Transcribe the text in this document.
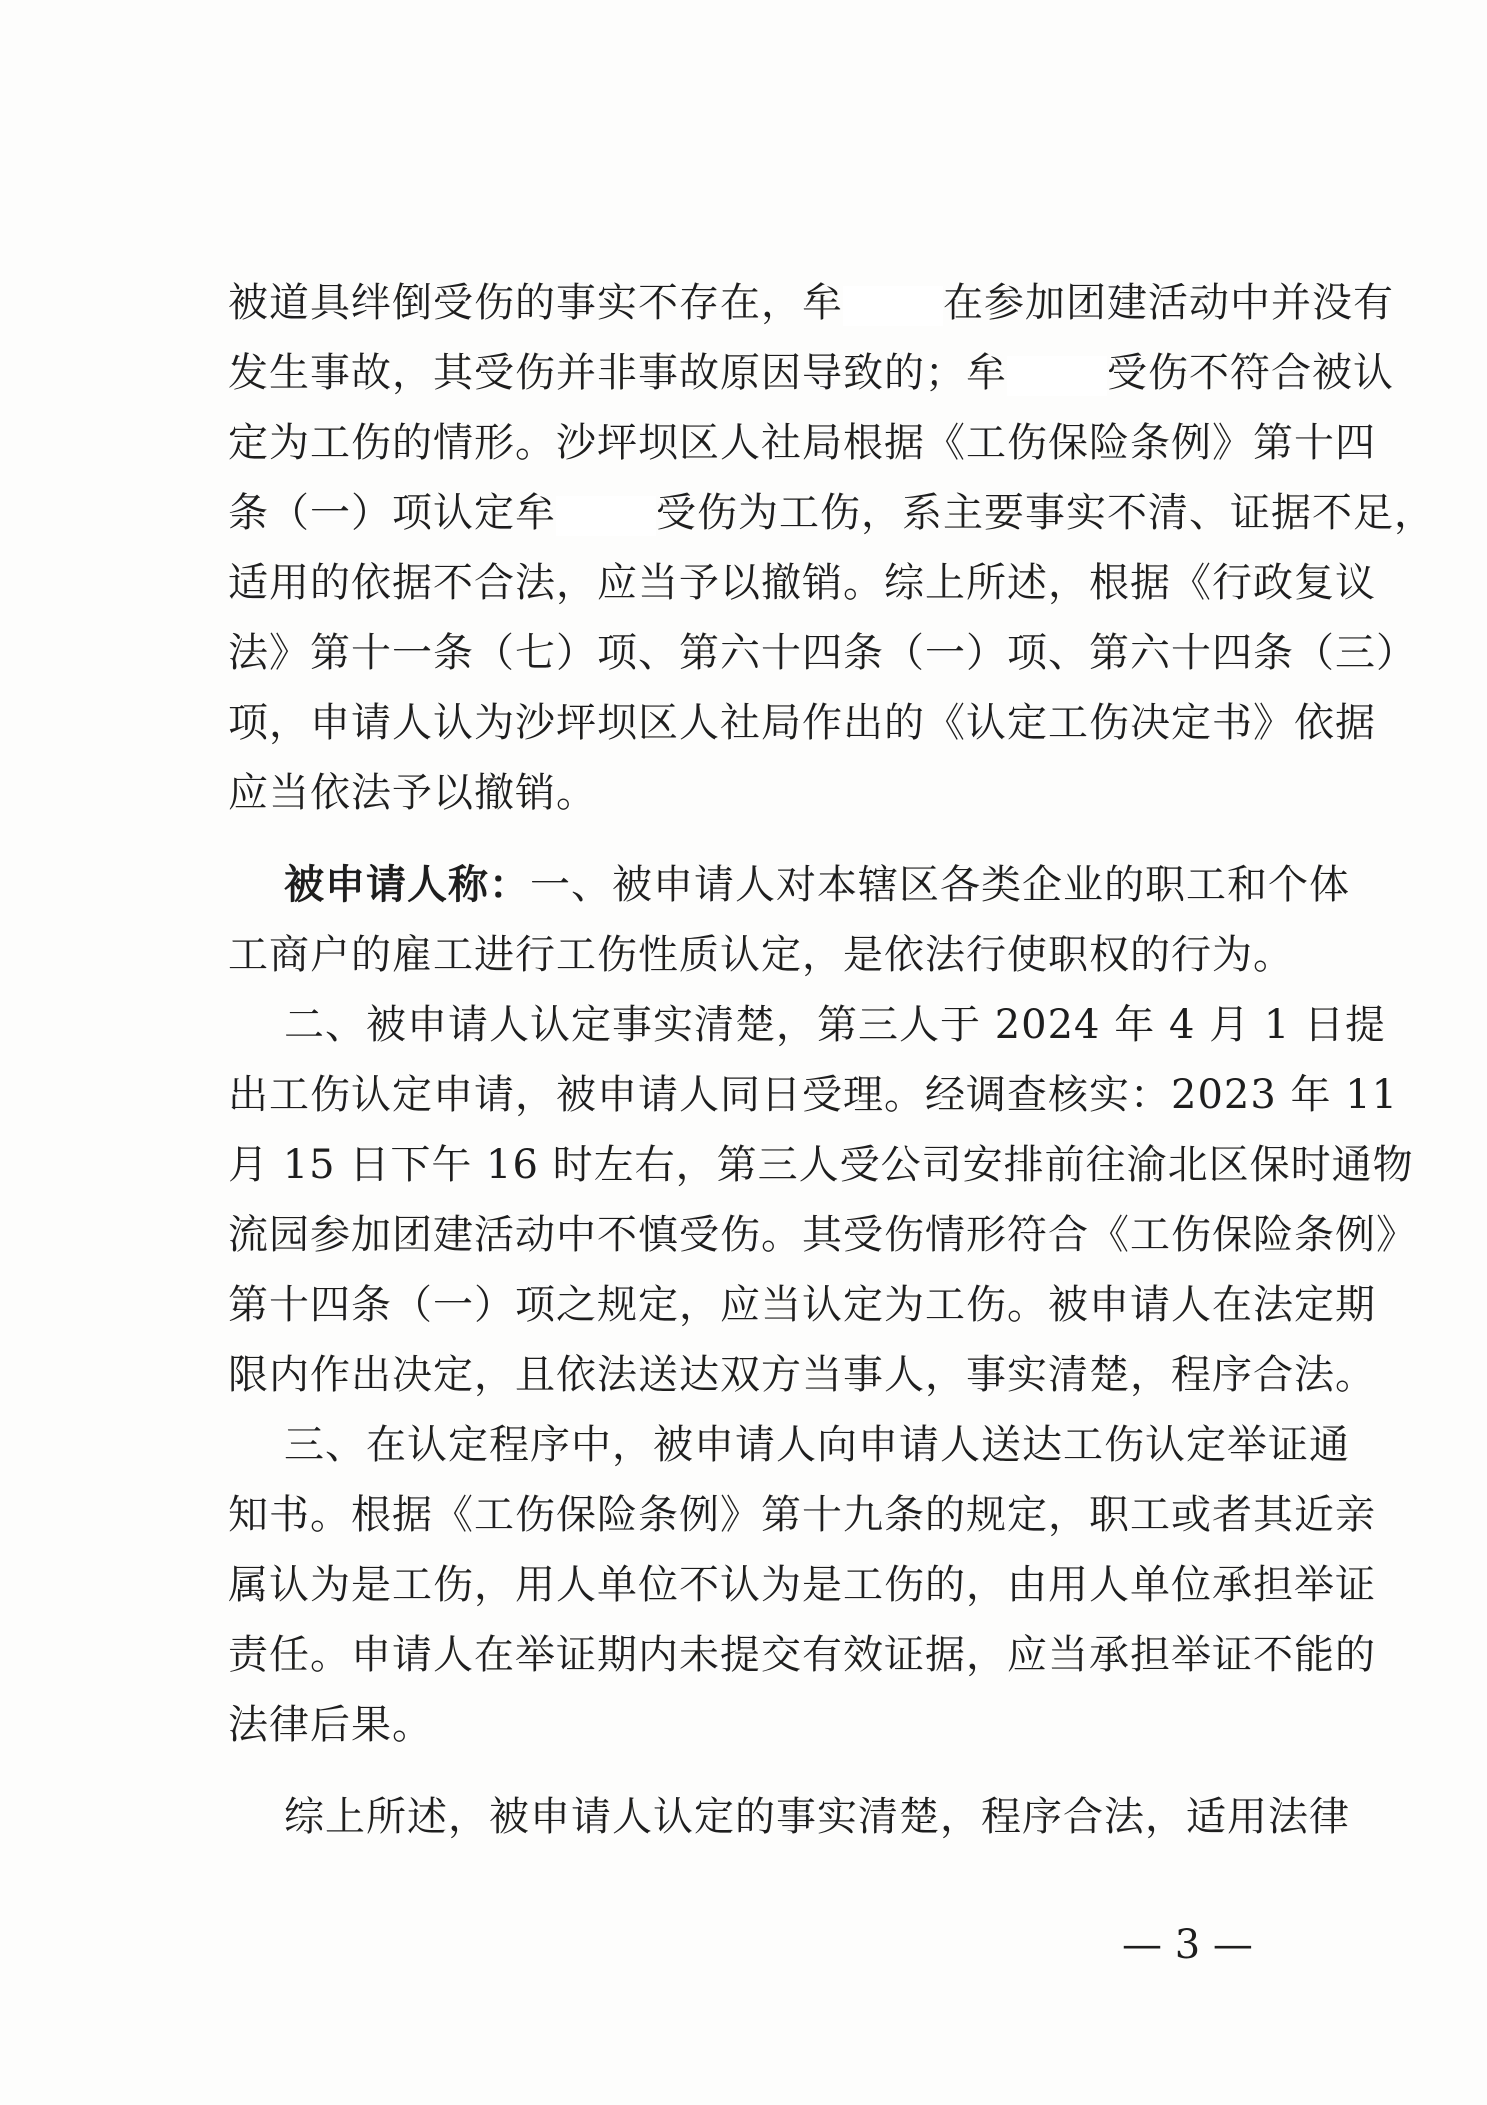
被道具绊倒受伤的事实不存在，牟	在参加团建活动中并没有
发生事故，其受伤并非事故原因导致的；牟	受伤不符合被认
定为工伤的情形。沙坪坝区人社局根据《工伤保险条例》第十四
条（一）项认定牟	受伤为工伤，系主要事实不清、证据不足，
适用的依据不合法，应当予以撤销。综上所述，根据《行政复议
法》第十一条（七）项、第六十四条（一）项、第六十四条（三）
项，申请人认为沙坪坝区人社局作出的《认定工伤决定书》依据
应当依法予以撤销。
被申请人称：一、被申请人对本辖区各类企业的职工和个体
工商户的雇工进行工伤性质认定，是依法行使职权的行为。
二、被申请人认定事实清楚，第三人于 2024 年 4 月 1 日提
出工伤认定申请，被申请人同日受理。经调查核实：2023 年 11
月 15 日下午 16 时左右，第三人受公司安排前往渝北区保时通物
流园参加团建活动中不慎受伤。其受伤情形符合《工伤保险条例》
第十四条（一）项之规定，应当认定为工伤。被申请人在法定期
限内作出决定，且依法送达双方当事人，事实清楚，程序合法。
三、在认定程序中，被申请人向申请人送达工伤认定举证通
知书。根据《工伤保险条例》第十九条的规定，职工或者其近亲
属认为是工伤，用人单位不认为是工伤的，由用人单位承担举证
责任。申请人在举证期内未提交有效证据，应当承担举证不能的
法律后果。
综上所述，被申请人认定的事实清楚，程序合法，适用法律
— 3 —
